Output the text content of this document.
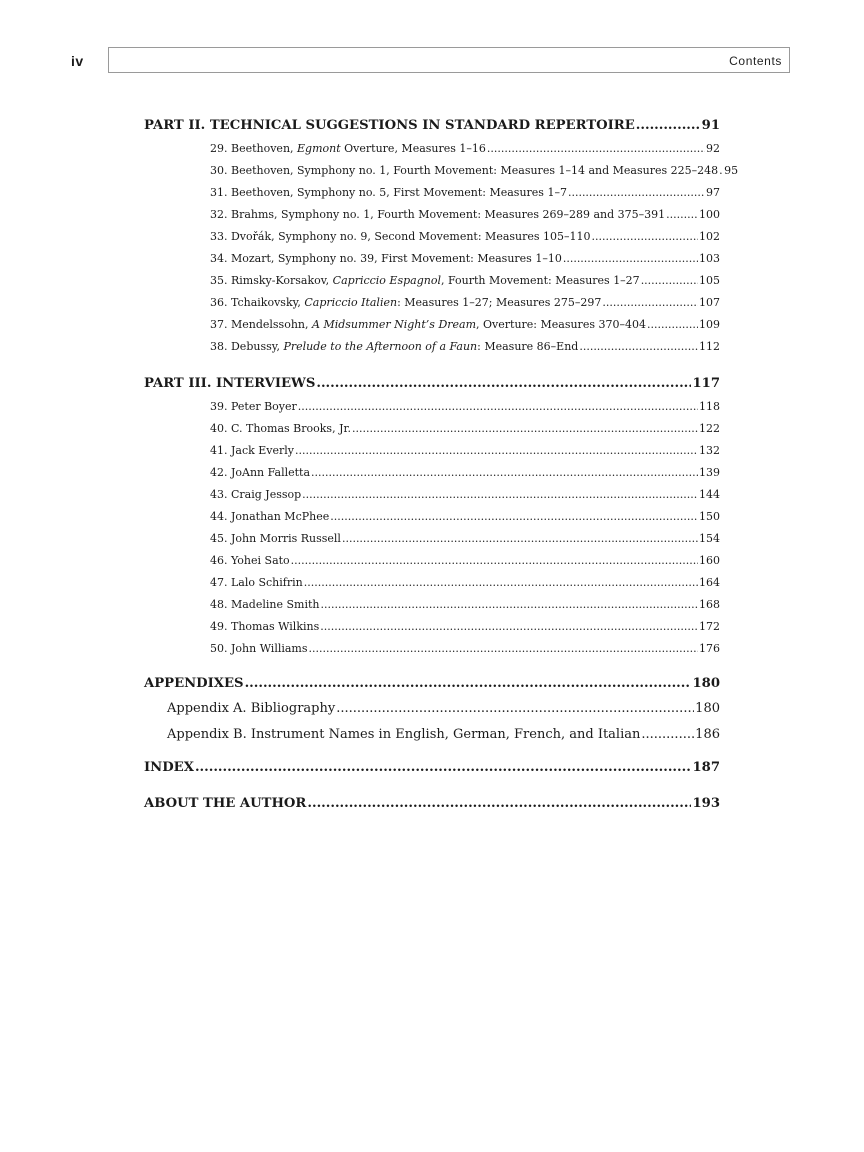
iv	Contents
PART II. TECHNICAL SUGGESTIONS IN STANDARD REPERTOIRE .....	91
29. Beethoven, Egmont Overture, Measures 1–16 .....	92
30. Beethoven, Symphony no. 1, Fourth Movement: Measures 1–14 and Measures 225–248 ..... 95
31. Beethoven, Symphony no. 5, First Movement: Measures 1–7 .....	97
32. Brahms, Symphony no. 1, Fourth Movement: Measures 269–289 and 375–391 .....	100
33. Dvořák, Symphony no. 9, Second Movement: Measures 105–110 .....	102
34. Mozart, Symphony no. 39, First Movement: Measures 1–10 .....	103
35. Rimsky-Korsakov, Capriccio Espagnol, Fourth Movement: Measures 1–27 .....	105
36. Tchaikovsky, Capriccio Italien: Measures 1–27; Measures 275–297 .....	107
37. Mendelssohn, A Midsummer Night’s Dream, Overture: Measures 370–404 .....	109
38. Debussy, Prelude to the Afternoon of a Faun: Measure 86–End .....	112
PART III. INTERVIEWS .....	117
39. Peter Boyer .....	118
40. C. Thomas Brooks, Jr. .....	122
41. Jack Everly .....	132
42. JoAnn Falletta .....	139
43. Craig Jessop .....	144
44. Jonathan McPhee .....	150
45. John Morris Russell .....	154
46. Yohei Sato .....	160
47. Lalo Schifrin .....	164
48. Madeline Smith .....	168
49. Thomas Wilkins .....	172
50. John Williams .....	176
APPENDIXES .....	180
Appendix A. Bibliography .....	180
Appendix B. Instrument Names in English, German, French, and Italian .....	186
INDEX .....	187
ABOUT THE AUTHOR .....	193
